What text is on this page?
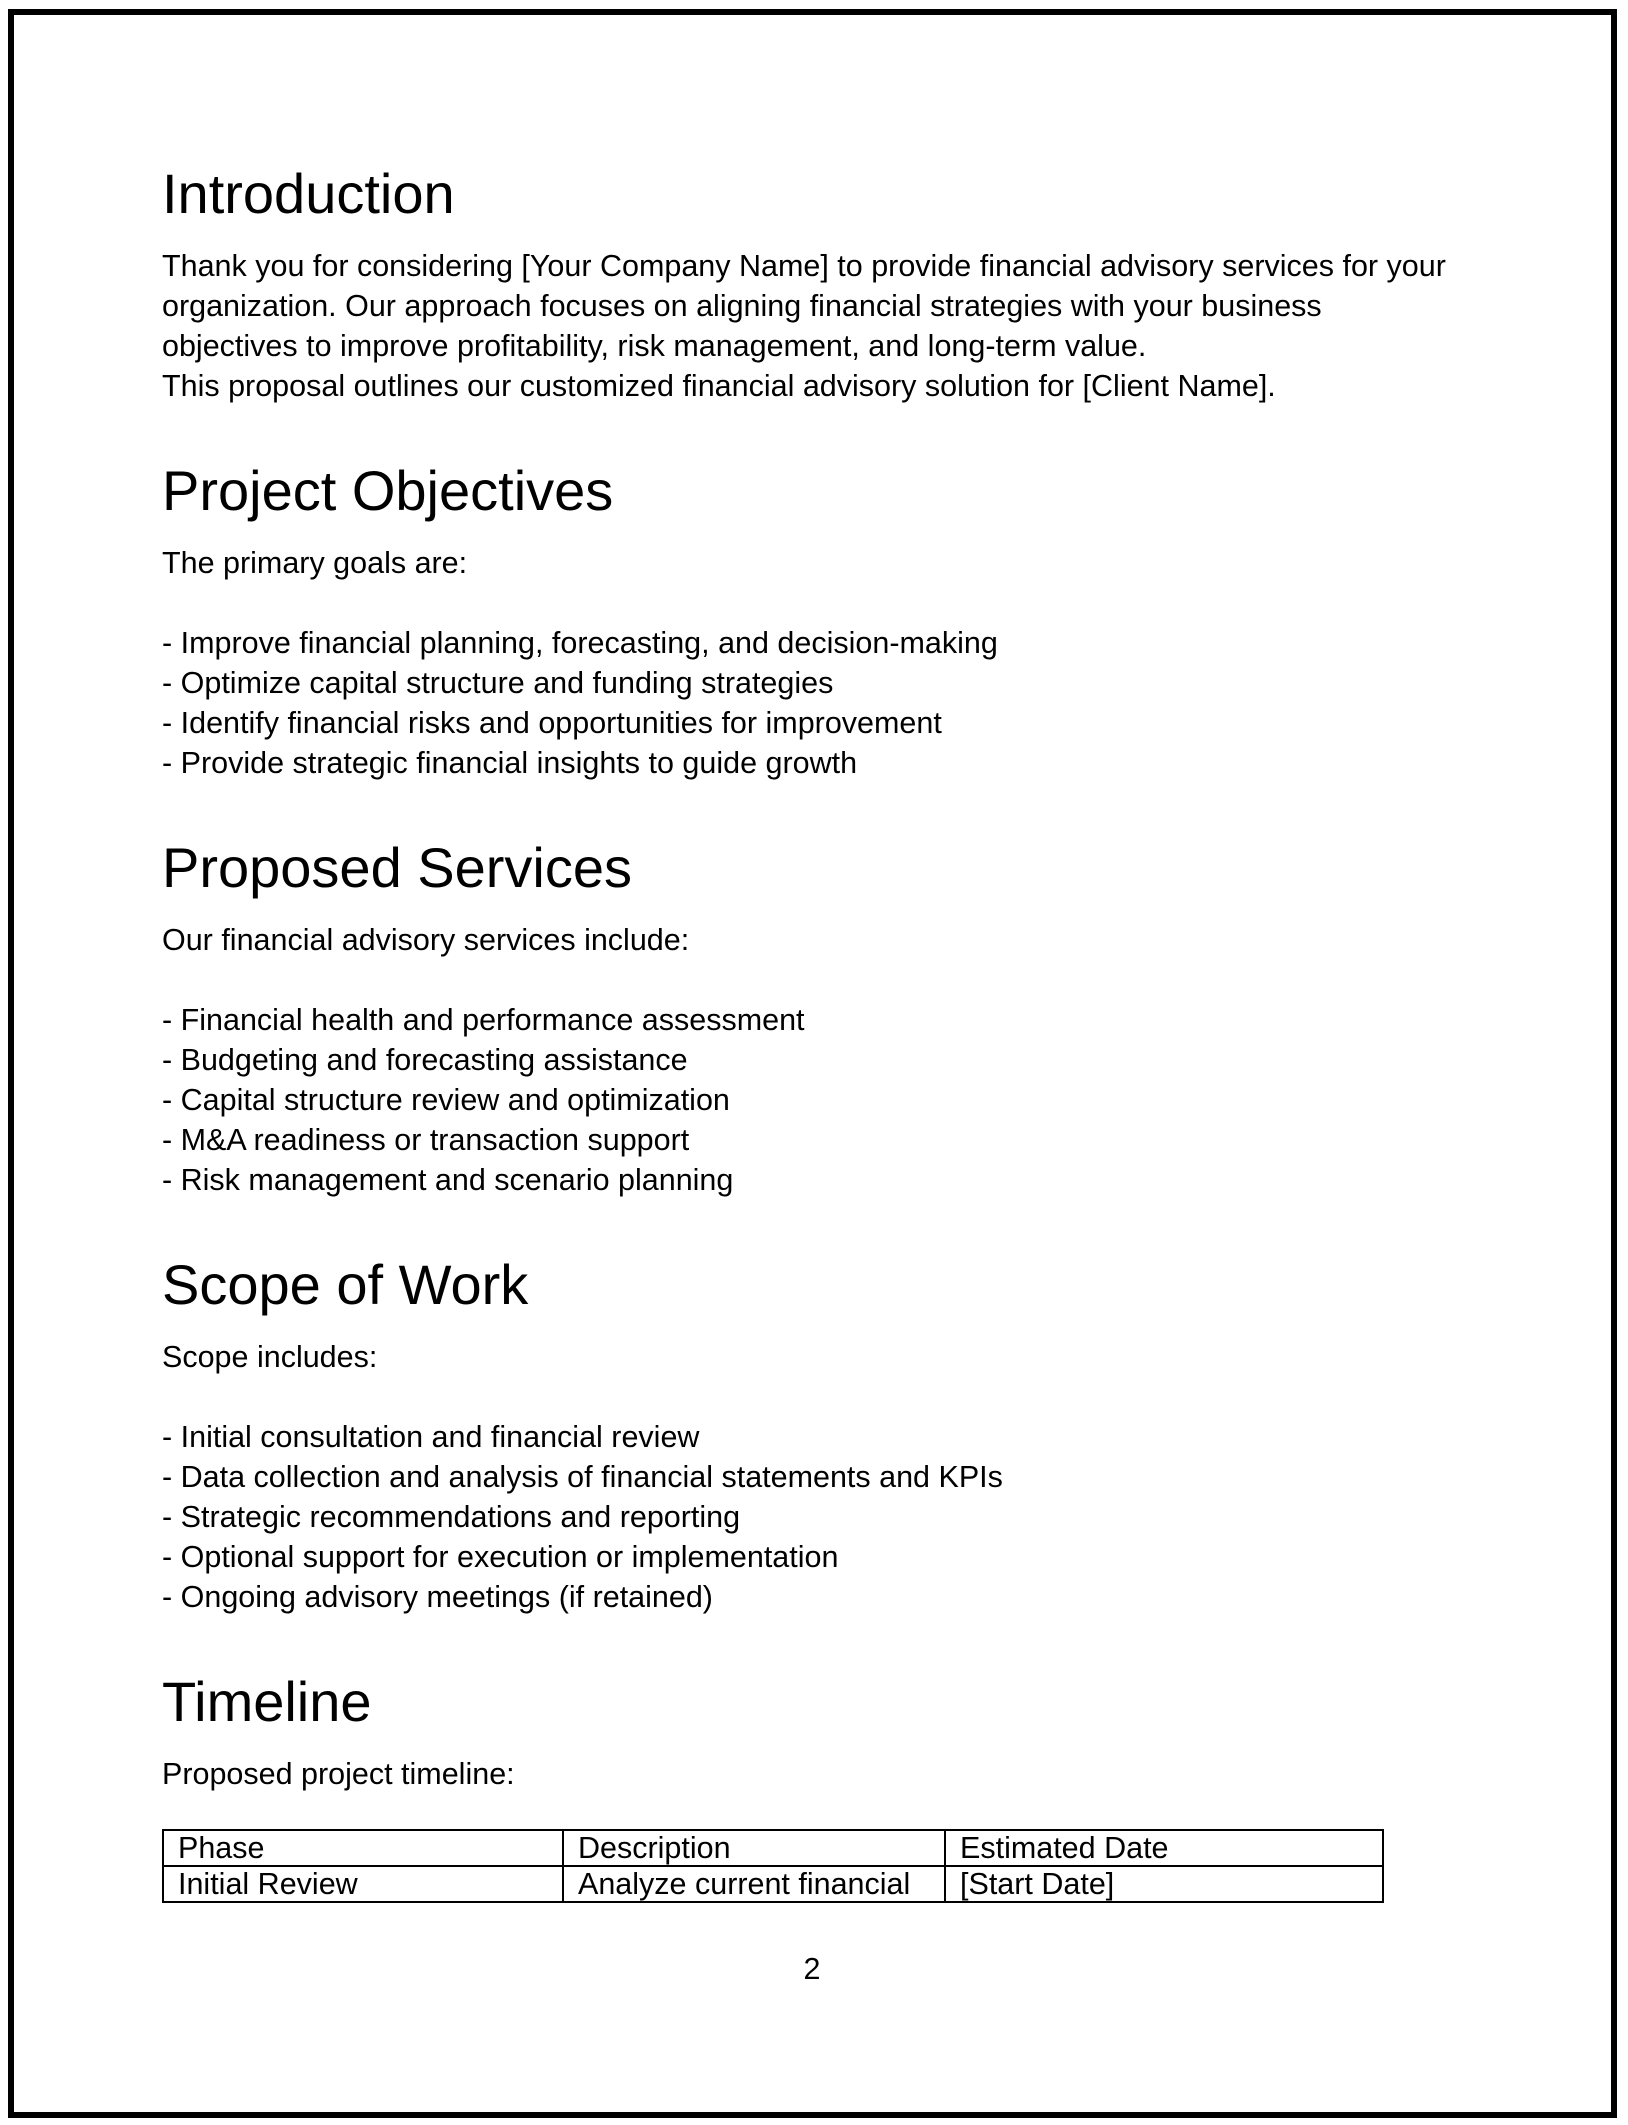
Introduction

Thank you for considering [Your Company Name] to provide financial advisory services for your organization. Our approach focuses on aligning financial strategies with your business objectives to improve profitability, risk management, and long-term value.

This proposal outlines our customized financial advisory solution for [Client Name].

Project Objectives

The primary goals are:

- Improve financial planning, forecasting, and decision-making

- Optimize capital structure and funding strategies

- Identify financial risks and opportunities for improvement

- Provide strategic financial insights to guide growth

Proposed Services

Our financial advisory services include:

- Financial health and performance assessment

- Budgeting and forecasting assistance

- Capital structure review and optimization

- M&A readiness or transaction support

- Risk management and scenario planning

Scope of Work

Scope includes:

- Initial consultation and financial review

- Data collection and analysis of financial statements and KPIs

- Strategic recommendations and reporting

- Optional support for execution or implementation

- Ongoing advisory meetings (if retained)

Timeline

Proposed project timeline:

Phase	Description	Estimated Date
Initial Review	Analyze current financial	[Start Date]
2
